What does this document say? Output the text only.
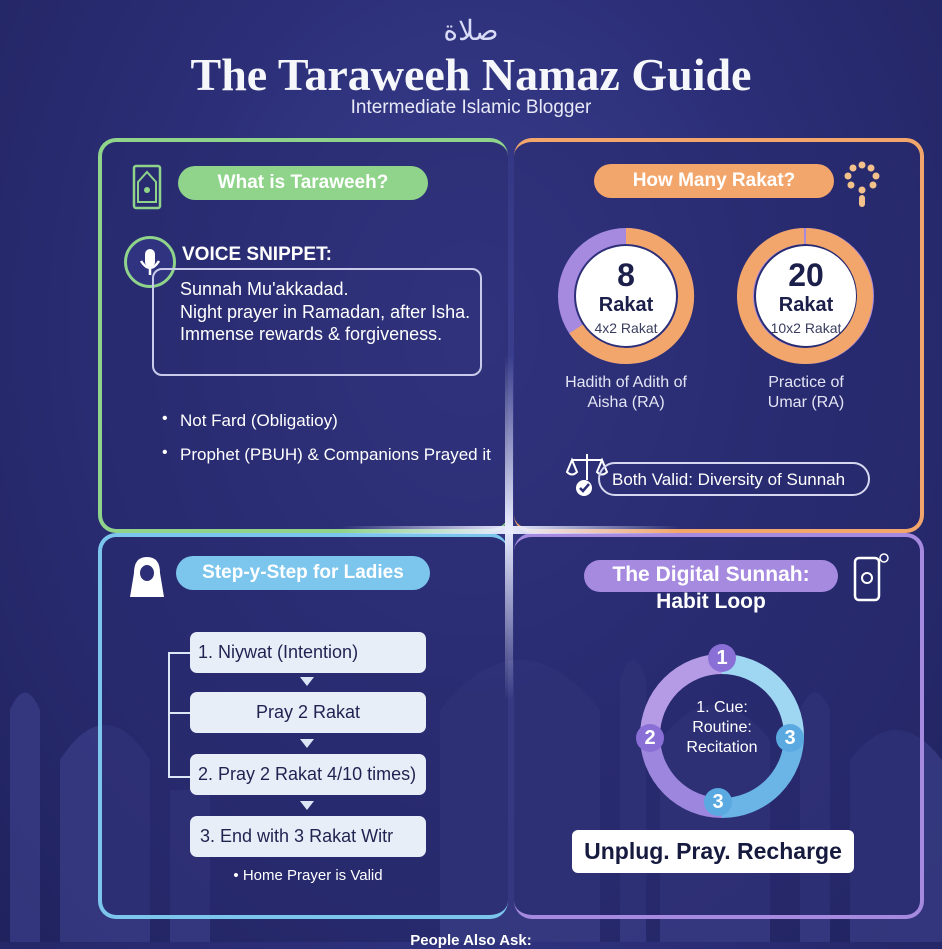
صلاة
The Taraweeh Namaz Guide
Intermediate Islamic Blogger
What is Taraweeh?
VOICE SNIPPET:
Sunnah Mu'akkadad.
Night prayer in Ramadan, after Isha.
Immense rewards & forgiveness.
• Not Fard (Obligatioy)
• Prophet (PBUH) & Companions Prayed it
How Many Rakat?
8
Rakat
4x2 Rakat
Hadith of Adith of
Aisha (RA)
20
Rakat
10x2 Rakat
Practice of
Umar (RA)
Both Valid: Diversity of Sunnah
Step-y-Step for Ladies
1. Niywat (Intention)
Pray 2 Rakat
2. Pray 2 Rakat 4/10 times)
3. End with 3 Rakat Witr
• Home Prayer is Valid
The Digital Sunnah:
Habit Loop
1
2	3
3
1. Cue:
Routine:
Recitation
Unplug. Pray. Recharge
People Also Ask:
